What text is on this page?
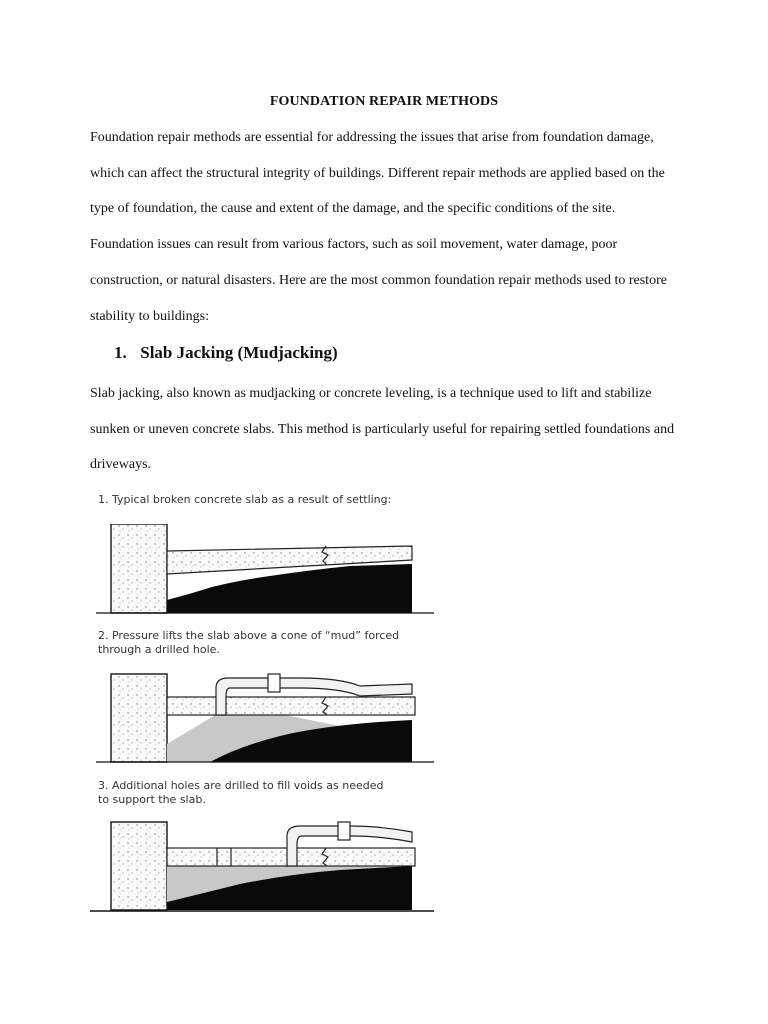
FOUNDATION REPAIR METHODS

Foundation repair methods are essential for addressing the issues that arise from foundation damage, which can affect the structural integrity of buildings. Different repair methods are applied based on the type of foundation, the cause and extent of the damage, and the specific conditions of the site. Foundation issues can result from various factors, such as soil movement, water damage, poor construction, or natural disasters. Here are the most common foundation repair methods used to restore stability to buildings:

1. Slab Jacking (Mudjacking)

Slab jacking, also known as mudjacking or concrete leveling, is a technique used to lift and stabilize sunken or uneven concrete slabs. This method is particularly useful for repairing settled foundations and driveways.

1. Typical broken concrete slab as a result of settling:

2. Pressure lifts the slab above a cone of “mud” forced
through a drilled hole.

3. Additional holes are drilled to fill voids as needed
to support the slab.
